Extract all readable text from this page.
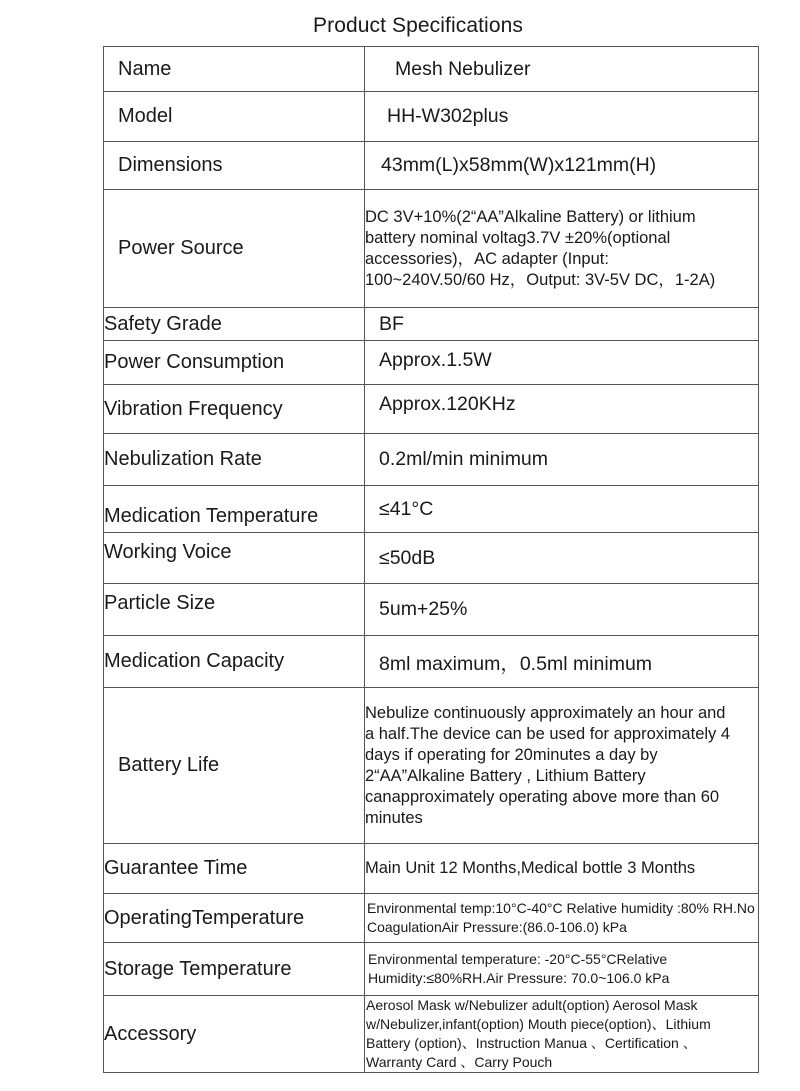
Product Specifications
Name	Mesh Nebulizer
Model	HH-W302plus
Dimensions	43mm(L)x58mm(W)x121mm(H)
Power Source	DC 3V+10%(2“AA”Alkaline Battery) or lithium battery nominal voltag3.7V ±20%(optional accessories)，AC adapter (Input: 100~240V.50/60 Hz，Output: 3V-5V DC，1-2A)
Safety Grade	BF
Power Consumption	Approx.1.5W
Vibration Frequency	Approx.120KHz
Nebulization Rate	0.2ml/min minimum
Medication Temperature	≤41°C
Working Voice	≤50dB
Particle Size	5um+25%
Medication Capacity	8ml maximum，0.5ml minimum
Battery Life	Nebulize continuously approximately an hour and a half.The device can be used for approximately 4 days if operating for 20minutes a day by 2“AA”Alkaline Battery , Lithium Battery canapproximately operating above more than 60 minutes
Guarantee Time	Main Unit 12 Months,Medical bottle 3 Months
OperatingTemperature	Environmental temp:10°C-40°C Relative humidity :80% RH.No CoagulationAir Pressure:(86.0-106.0) kPa
Storage Temperature	Environmental temperature: -20°C-55°CRelative Humidity:≤80%RH.Air Pressure: 70.0~106.0 kPa
Accessory	Aerosol Mask w/Nebulizer adult(option) Aerosol Mask w/Nebulizer,infant(option) Mouth piece(option)、Lithium Battery (option)、Instruction Manua 、Certification 、 Warranty Card 、Carry Pouch
